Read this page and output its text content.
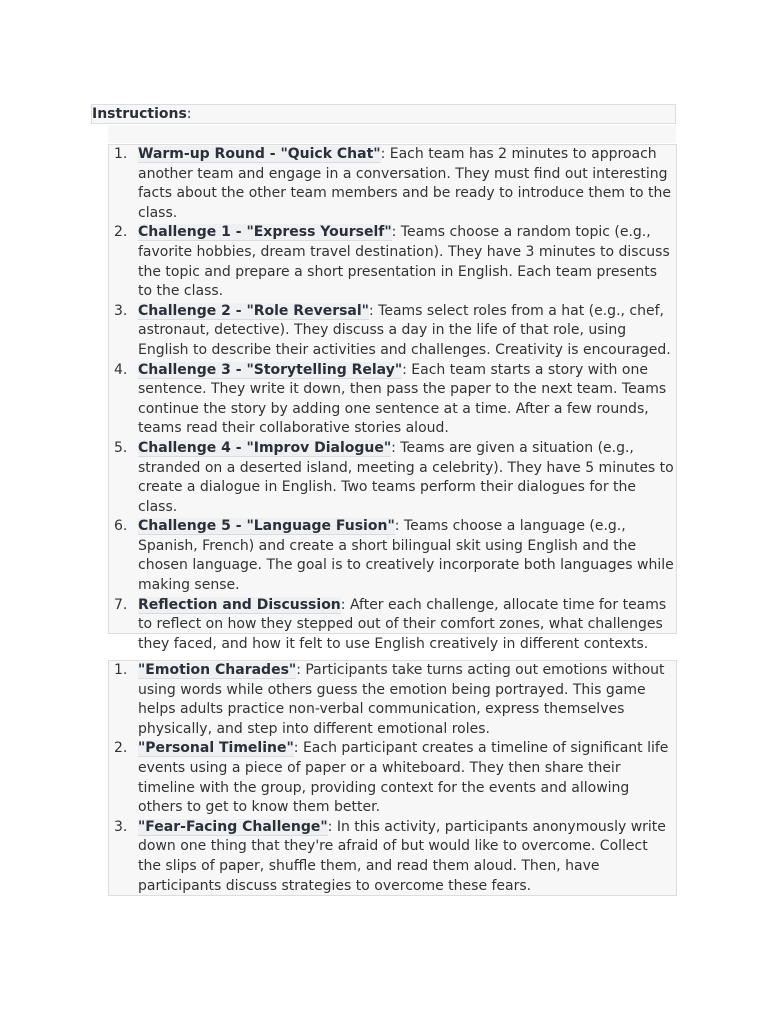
Instructions:
1. Warm-up Round - "Quick Chat": Each team has 2 minutes to approach another team and engage in a conversation. They must find out interesting facts about the other team members and be ready to introduce them to the class.
2. Challenge 1 - "Express Yourself": Teams choose a random topic (e.g., favorite hobbies, dream travel destination). They have 3 minutes to discuss the topic and prepare a short presentation in English. Each team presents to the class.
3. Challenge 2 - "Role Reversal": Teams select roles from a hat (e.g., chef, astronaut, detective). They discuss a day in the life of that role, using English to describe their activities and challenges. Creativity is encouraged.
4. Challenge 3 - "Storytelling Relay": Each team starts a story with one sentence. They write it down, then pass the paper to the next team. Teams continue the story by adding one sentence at a time. After a few rounds, teams read their collaborative stories aloud.
5. Challenge 4 - "Improv Dialogue": Teams are given a situation (e.g., stranded on a deserted island, meeting a celebrity). They have 5 minutes to create a dialogue in English. Two teams perform their dialogues for the class.
6. Challenge 5 - "Language Fusion": Teams choose a language (e.g., Spanish, French) and create a short bilingual skit using English and the chosen language. The goal is to creatively incorporate both languages while making sense.
7. Reflection and Discussion: After each challenge, allocate time for teams to reflect on how they stepped out of their comfort zones, what challenges they faced, and how it felt to use English creatively in different contexts.
1. "Emotion Charades": Participants take turns acting out emotions without using words while others guess the emotion being portrayed. This game helps adults practice non-verbal communication, express themselves physically, and step into different emotional roles.
2. "Personal Timeline": Each participant creates a timeline of significant life events using a piece of paper or a whiteboard. They then share their timeline with the group, providing context for the events and allowing others to get to know them better.
3. "Fear-Facing Challenge": In this activity, participants anonymously write down one thing that they're afraid of but would like to overcome. Collect the slips of paper, shuffle them, and read them aloud. Then, have participants discuss strategies to overcome these fears.
